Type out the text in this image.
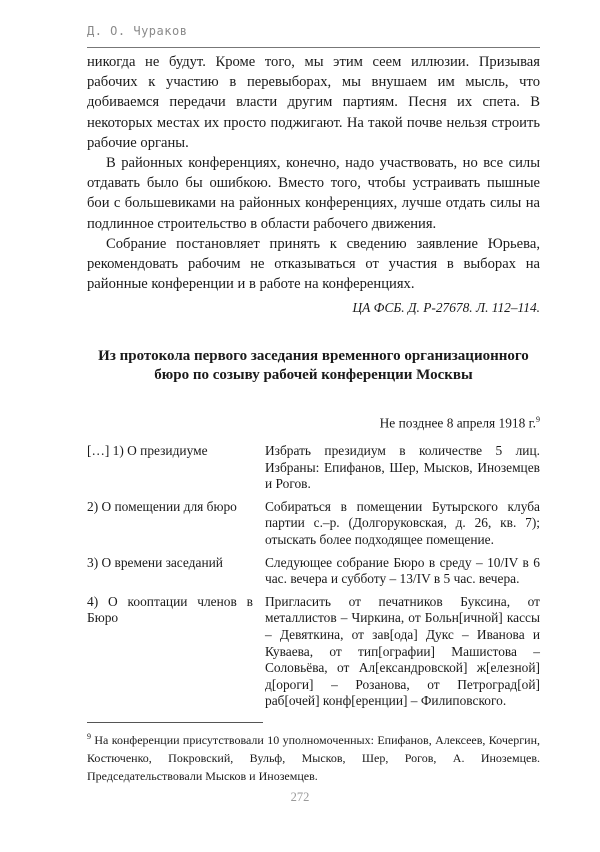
Д. О. Чураков

никогда не будут. Кроме того, мы этим сеем иллюзии. Призывая рабочих к участию в перевыборах, мы внушаем им мысль, что добиваемся передачи власти другим партиям. Песня их спета. В некоторых местах их просто поджигают. На такой почве нельзя строить рабочие органы.

В районных конференциях, конечно, надо участвовать, но все силы отдавать было бы ошибкою. Вместо того, чтобы устраивать пышные бои с большевиками на районных конференциях, лучше отдать силы на подлинное строительство в области рабочего движения.

Собрание постановляет принять к сведению заявление Юрьева, рекомендовать рабочим не отказываться от участия в выборах на районные конференции и в работе на конференциях.

ЦА ФСБ. Д. Р-27678. Л. 112–114.
Из протокола первого заседания временного организационного бюро по созыву рабочей конференции Москвы
Не позднее 8 апреля 1918 г.$^9$
[…] 1) О президиуме	Избрать президиум в количестве 5 лиц. Избраны: Епифанов, Шер, Мысков, Иноземцев и Рогов.
2) О помещении для бюро	Собираться в помещении Бутырского клуба партии с.–р. (Долгоруковская, д. 26, кв. 7); отыскать более подходящее помещение.
3) О времени заседаний	Следующее собрание Бюро в среду – 10/IV в 6 час. вечера и субботу – 13/IV в 5 час. вечера.
4) О кооптации членов в Бюро	Пригласить от печатников Буксина, от металлистов – Чиркина, от Больн[ичной] кассы – Девяткина, от зав[ода] Дукс – Иванова и Куваева, от тип[ографии] Машистова – Соловьёва, от Ал[ександровской] ж[елезной] д[ороги] – Розанова, от Петроград[ой] раб[очей] конф[еренции] – Филиповского.
$^9$ На конференции присутствовали 10 уполномоченных: Епифанов, Алексеев, Кочергин, Костюченко, Покровский, Вульф, Мысков, Шер, Рогов, А. Иноземцев. Председательствовали Мысков и Иноземцев.
272
